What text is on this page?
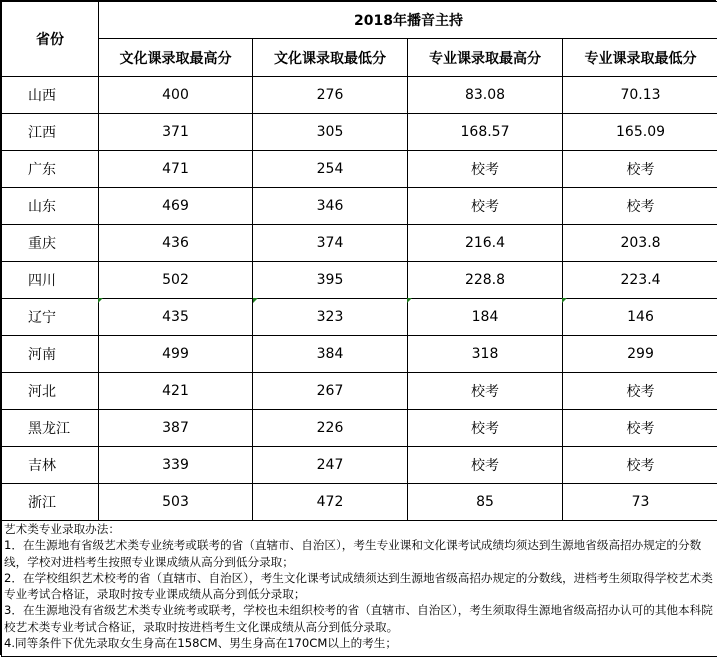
省份	2018年播音主持			
	文化课录取最高分	文化课录取最低分	专业课录取最高分	专业课录取最低分
山西	400	276	83.08	70.13
江西	371	305	168.57	165.09
广东	471	254	校考	校考
山东	469	346	校考	校考
重庆	436	374	216.4	203.8
四川	502	395	228.8	223.4
辽宁	435	323	184	146
河南	499	384	318	299
河北	421	267	校考	校考
黑龙江	387	226	校考	校考
吉林	339	247	校考	校考
浙江	503	472	85	73

艺术类专业录取办法：

1．在生源地有省级艺术类专业统考或联考的省（直辖市、自治区），考生专业课和文化课考试成绩均须达到生源地省级高招办规定的分数线，学校对进档考生按照专业课成绩从高分到低分录取；

2．在学校组织艺术校考的省（直辖市、自治区），考生文化课考试成绩须达到生源地省级高招办规定的分数线，进档考生须取得学校艺术类专业考试合格证，录取时按专业课成绩从高分到低分录取；

3．在生源地没有省级艺术类专业统考或联考，学校也未组织校考的省（直辖市、自治区），考生须取得生源地省级高招办认可的其他本科院校艺术类专业考试合格证，录取时按进档考生文化课成绩从高分到低分录取。

4.同等条件下优先录取女生身高在158CM、男生身高在170CM以上的考生；
